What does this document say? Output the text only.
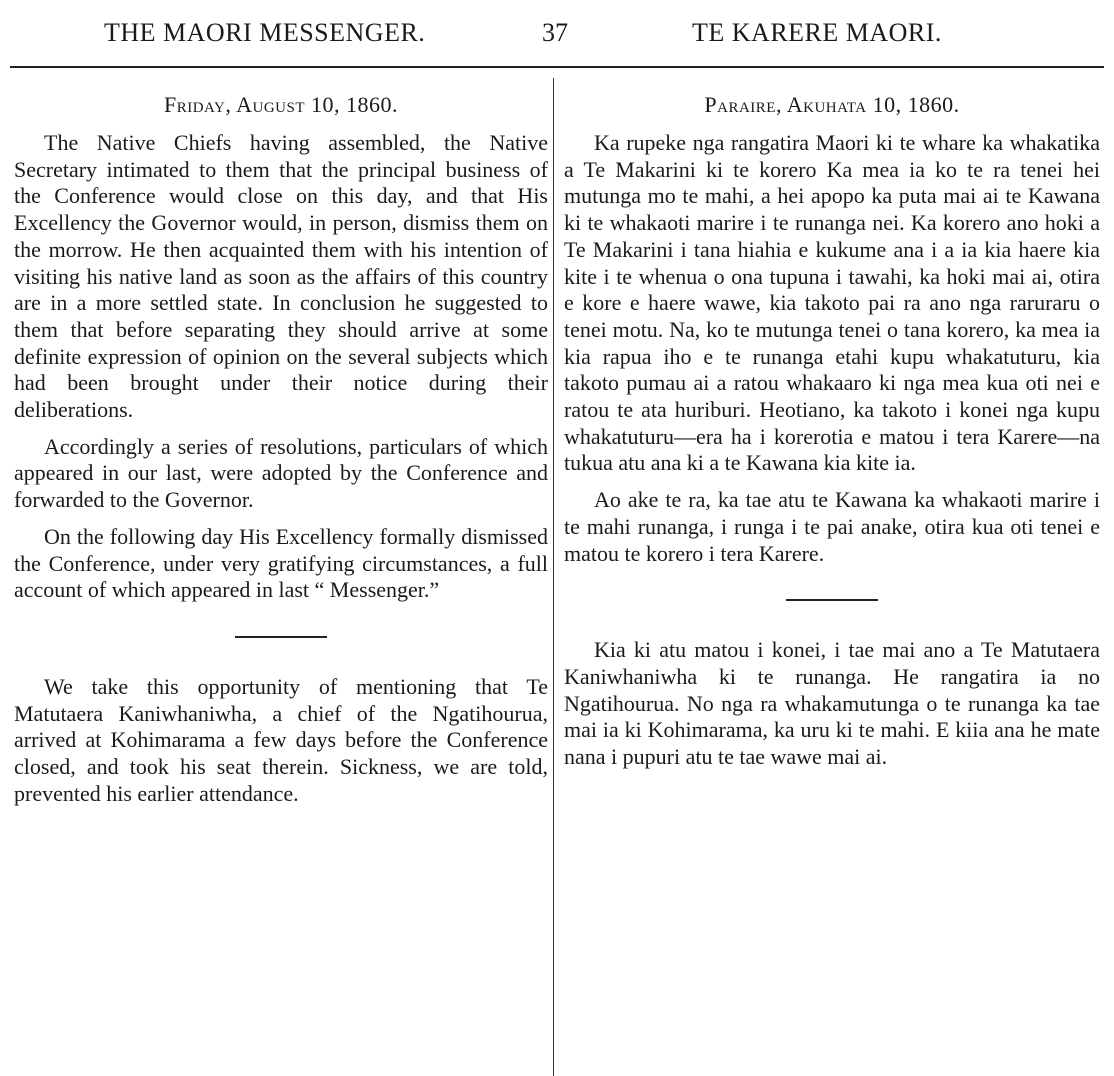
THE MAORI MESSENGER.	37	TE KARERE MAORI.

Friday, August 10, 1860.

The Native Chiefs having assembled, the Native Secretary intimated to them that the principal business of the Conference would close on this day, and that His Excellency the Governor would, in person, dismiss them on the morrow. He then acquainted them with his intention of visiting his native land as soon as the affairs of this country are in a more settled state. In conclusion he suggested to them that before separating they should arrive at some definite expression of opinion on the several subjects which had been brought under their notice during their deliberations.

Accordingly a series of resolutions, particulars of which appeared in our last, were adopted by the Conference and forwarded to the Governor.

On the following day His Excellency formally dismissed the Conference, under very gratifying circumstances, a full account of which appeared in last “ Messenger.”

We take this opportunity of mentioning that Te Matutaera Kaniwhaniwha, a chief of the Ngatihourua, arrived at Kohimarama a few days before the Conference closed, and took his seat therein. Sickness, we are told, prevented his earlier attendance.

Paraire, Akuhata 10, 1860.

Ka rupeke nga rangatira Maori ki te whare ka whakatika a Te Makarini ki te korero Ka mea ia ko te ra tenei hei mutunga mo te mahi, a hei apopo ka puta mai ai te Kawana ki te whakaoti marire i te runanga nei. Ka korero ano hoki a Te Makarini i tana hiahia e kukume ana i a ia kia haere kia kite i te whenua o ona tupuna i tawahi, ka hoki mai ai, otira e kore e haere wawe, kia takoto pai ra ano nga raruraru o tenei motu. Na, ko te mutunga tenei o tana korero, ka mea ia kia rapua iho e te runanga etahi kupu whakatuturu, kia takoto pumau ai a ratou whakaaro ki nga mea kua oti nei e ratou te ata huriburi. Heotiano, ka takoto i konei nga kupu whakatuturu—era ha i korerotia e matou i tera Karere—na tukua atu ana ki a te Kawana kia kite ia.

Ao ake te ra, ka tae atu te Kawana ka whakaoti marire i te mahi runanga, i runga i te pai anake, otira kua oti tenei e matou te korero i tera Karere.

Kia ki atu matou i konei, i tae mai ano a Te Matutaera Kaniwhaniwha ki te runanga. He rangatira ia no Ngatihourua. No nga ra whakamutunga o te runanga ka tae mai ia ki Kohimarama, ka uru ki te mahi. E kiia ana he mate nana i pupuri atu te tae wawe mai ai.
